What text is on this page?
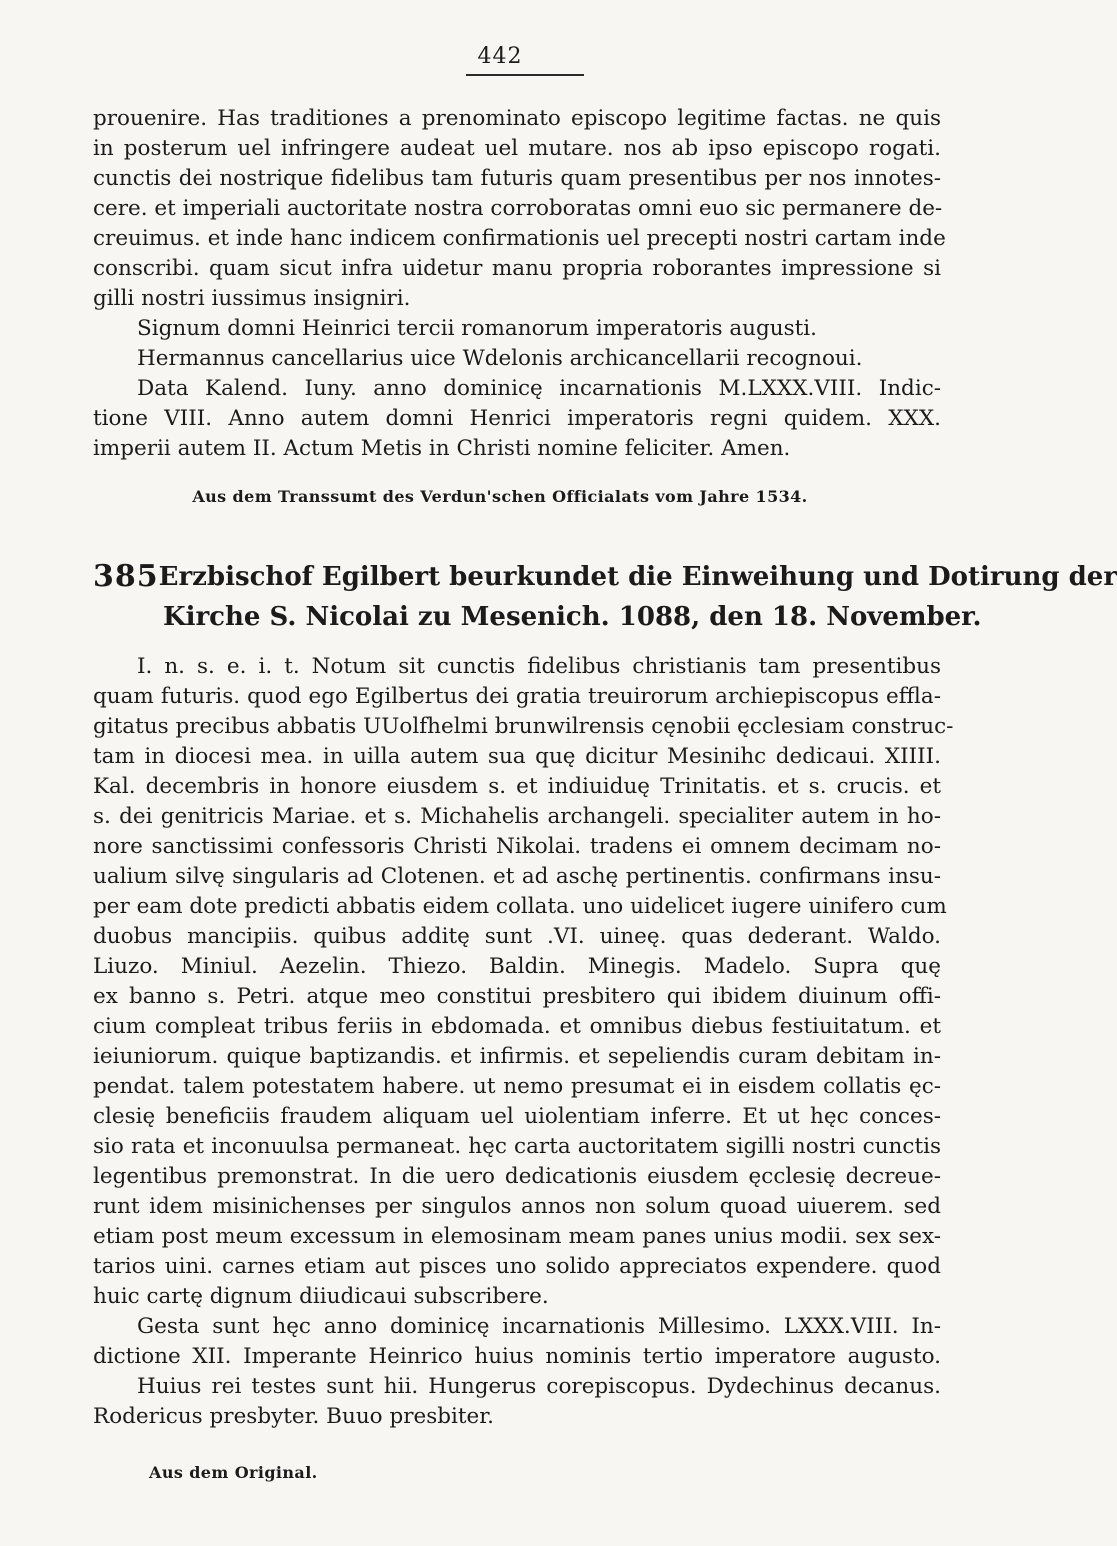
442
prouenire. Has traditiones a prenominato episcopo legitime factas. ne quis
in posterum uel infringere audeat uel mutare. nos ab ipso episcopo rogati.
cunctis dei nostrique fidelibus tam futuris quam presentibus per nos innotes-
cere. et imperiali auctoritate nostra corroboratas omni euo sic permanere de-
creuimus. et inde hanc indicem confirmationis uel precepti nostri cartam inde
conscribi. quam sicut infra uidetur manu propria roborantes impressione si
gilli nostri iussimus insigniri.
Signum domni Heinrici tercii romanorum imperatoris augusti.
Hermannus cancellarius uice Wdelonis archicancellarii recognoui.
Data Kalend. Iuny. anno dominicę incarnationis M.LXXX.VIII. Indic-
tione VIII. Anno autem domni Henrici imperatoris regni quidem. XXX.
imperii autem II. Actum Metis in Christi nomine feliciter. Amen.
Aus dem Transsumt des Verdun'schen Officialats vom Jahre 1534.
385 Erzbischof Egilbert beurkundet die Einweihung und Dotirung der
Kirche S. Nicolai zu Mesenich. 1088, den 18. November.
I. n. s. e. i. t. Notum sit cunctis fidelibus christianis tam presentibus
quam futuris. quod ego Egilbertus dei gratia treuirorum archiepiscopus effla-
gitatus precibus abbatis UUolfhelmi brunwilrensis cęnobii ęcclesiam construc-
tam in diocesi mea. in uilla autem sua quę dicitur Mesinihc dedicaui. XIIII.
Kal. decembris in honore eiusdem s. et indiuiduę Trinitatis. et s. crucis. et
s. dei genitricis Mariae. et s. Michahelis archangeli. specialiter autem in ho-
nore sanctissimi confessoris Christi Nikolai. tradens ei omnem decimam no-
ualium silvę singularis ad Clotenen. et ad aschę pertinentis. confirmans insu-
per eam dote predicti abbatis eidem collata. uno uidelicet iugere uinifero cum
duobus mancipiis. quibus additę sunt .VI. uineę. quas dederant. Waldo.
Liuzo. Miniul. Aezelin. Thiezo. Baldin. Minegis. Madelo. Supra quę
ex banno s. Petri. atque meo constitui presbitero qui ibidem diuinum offi-
cium compleat tribus feriis in ebdomada. et omnibus diebus festiuitatum. et
ieiuniorum. quique baptizandis. et infirmis. et sepeliendis curam debitam in-
pendat. talem potestatem habere. ut nemo presumat ei in eisdem collatis ęc-
clesię beneficiis fraudem aliquam uel uiolentiam inferre. Et ut hęc conces-
sio rata et inconuulsa permaneat. hęc carta auctoritatem sigilli nostri cunctis
legentibus premonstrat. In die uero dedicationis eiusdem ęcclesię decreue-
runt idem misinichenses per singulos annos non solum quoad uiuerem. sed
etiam post meum excessum in elemosinam meam panes unius modii. sex sex-
tarios uini. carnes etiam aut pisces uno solido appreciatos expendere. quod
huic cartę dignum diiudicaui subscribere.
Gesta sunt hęc anno dominicę incarnationis Millesimo. LXXX.VIII. In-
dictione XII. Imperante Heinrico huius nominis tertio imperatore augusto.
Huius rei testes sunt hii. Hungerus corepiscopus. Dydechinus decanus.
Rodericus presbyter. Buuo presbiter.
Aus dem Original.
